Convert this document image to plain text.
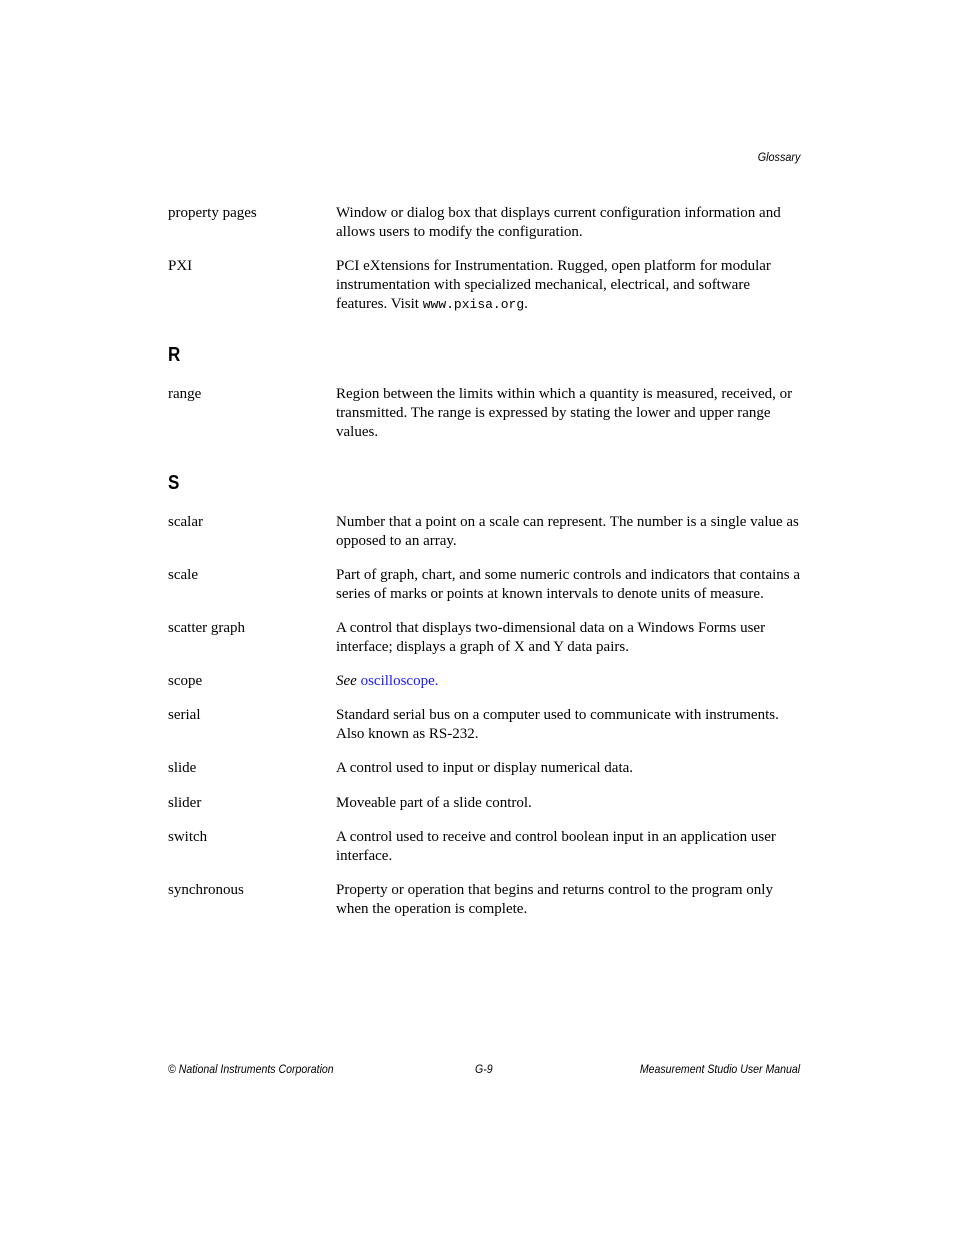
Glossary
property pages	Window or dialog box that displays current configuration information and allows users to modify the configuration.
PXI	PCI eXtensions for Instrumentation. Rugged, open platform for modular instrumentation with specialized mechanical, electrical, and software features. Visit www.pxisa.org.
R
range	Region between the limits within which a quantity is measured, received, or transmitted. The range is expressed by stating the lower and upper range values.
S
scalar	Number that a point on a scale can represent. The number is a single value as opposed to an array.
scale	Part of graph, chart, and some numeric controls and indicators that contains a series of marks or points at known intervals to denote units of measure.
scatter graph	A control that displays two-dimensional data on a Windows Forms user interface; displays a graph of X and Y data pairs.
scope	See oscilloscope.
serial	Standard serial bus on a computer used to communicate with instruments. Also known as RS-232.
slide	A control used to input or display numerical data.
slider	Moveable part of a slide control.
switch	A control used to receive and control boolean input in an application user interface.
synchronous	Property or operation that begins and returns control to the program only when the operation is complete.
© National Instruments Corporation	G-9	Measurement Studio User Manual
